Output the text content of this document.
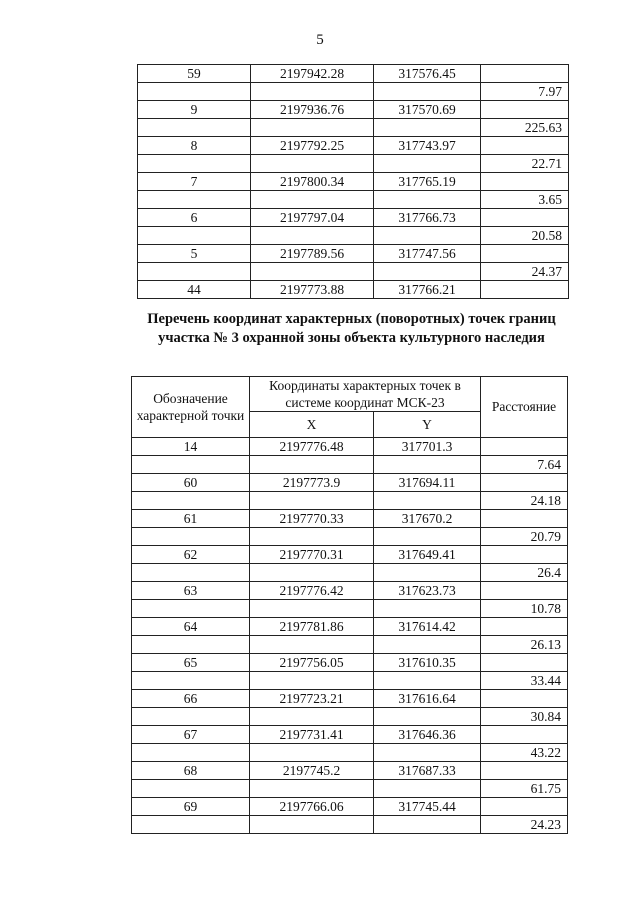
5
59	2197942.28	317576.45	
			7.97
9	2197936.76	317570.69	
			225.63
8	2197792.25	317743.97	
			22.71
7	2197800.34	317765.19	
			3.65
6	2197797.04	317766.73	
			20.58
5	2197789.56	317747.56	
			24.37
44	2197773.88	317766.21	
Перечень координат характерных (поворотных) точек границ
участка № 3 охранной зоны объекта культурного наследия
Обозначение характерной точки	Координаты характерных точек в системе координат МСК-23		Расстояние
	X	Y	
14	2197776.48	317701.3	
			7.64
60	2197773.9	317694.11	
			24.18
61	2197770.33	317670.2	
			20.79
62	2197770.31	317649.41	
			26.4
63	2197776.42	317623.73	
			10.78
64	2197781.86	317614.42	
			26.13
65	2197756.05	317610.35	
			33.44
66	2197723.21	317616.64	
			30.84
67	2197731.41	317646.36	
			43.22
68	2197745.2	317687.33	
			61.75
69	2197766.06	317745.44	
			24.23
